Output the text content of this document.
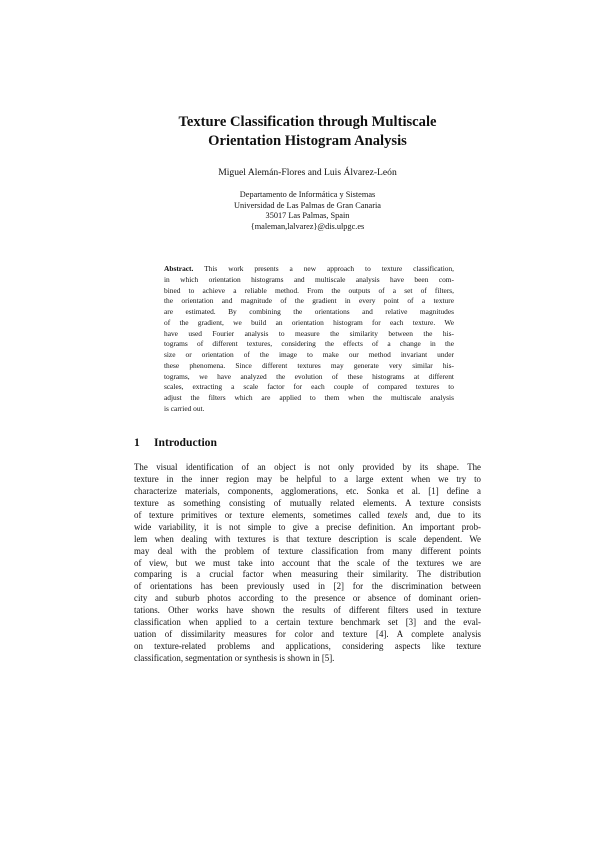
Texture Classification through Multiscale
Orientation Histogram Analysis
Miguel Alemán-Flores and Luis Álvarez-León
Departamento de Informática y Sistemas
Universidad de Las Palmas de Gran Canaria
35017 Las Palmas, Spain
{maleman,lalvarez}@dis.ulpgc.es
Abstract. This work presents a new approach to texture classification,
in which orientation histograms and multiscale analysis have been com-
bined to achieve a reliable method. From the outputs of a set of filters,
the orientation and magnitude of the gradient in every point of a texture
are estimated. By combining the orientations and relative magnitudes
of the gradient, we build an orientation histogram for each texture. We
have used Fourier analysis to measure the similarity between the his-
tograms of different textures, considering the effects of a change in the
size or orientation of the image to make our method invariant under
these phenomena. Since different textures may generate very similar his-
tograms, we have analyzed the evolution of these histograms at different
scales, extracting a scale factor for each couple of compared textures to
adjust the filters which are applied to them when the multiscale analysis
is carried out.
1 Introduction
The visual identification of an object is not only provided by its shape. The
texture in the inner region may be helpful to a large extent when we try to
characterize materials, components, agglomerations, etc. Sonka et al. [1] define a
texture as something consisting of mutually related elements. A texture consists
of texture primitives or texture elements, sometimes called texels and, due to its
wide variability, it is not simple to give a precise definition. An important prob-
lem when dealing with textures is that texture description is scale dependent. We
may deal with the problem of texture classification from many different points
of view, but we must take into account that the scale of the textures we are
comparing is a crucial factor when measuring their similarity. The distribution
of orientations has been previously used in [2] for the discrimination between
city and suburb photos according to the presence or absence of dominant orien-
tations. Other works have shown the results of different filters used in texture
classification when applied to a certain texture benchmark set [3] and the eval-
uation of dissimilarity measures for color and texture [4]. A complete analysis
on texture-related problems and applications, considering aspects like texture
classification, segmentation or synthesis is shown in [5].
